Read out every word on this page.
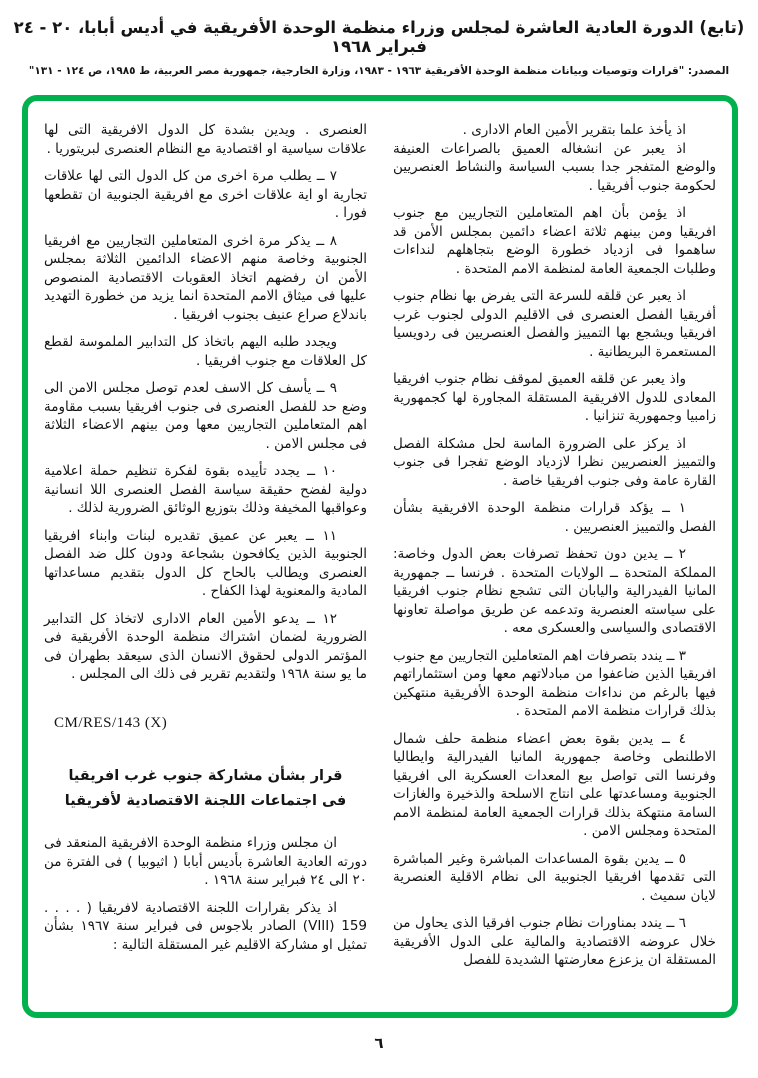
(تابع) الدورة العادية العاشرة لمجلس وزراء منظمة الوحدة الأفريقية في أديس أبابا، ٢٠ - ٢٤ فبراير ١٩٦٨
المصدر: "قرارات وتوصيات وبيانات منظمة الوحدة الأفريقية ١٩٦٣ - ١٩٨٣، وزارة الخارجية، جمهورية مصر العربية، ط ١٩٨٥، ص ١٢٤ - ١٣١"

اذ يأخذ علما بتقرير الأمين العام الادارى .

اذ يعبر عن انشغاله العميق بالصراعات العنيفة والوضع المتفجر جدا بسبب السياسة والنشاط العنصريين لحكومة جنوب أفريقيا .

اذ يؤمن بأن اهم المتعاملين التجاريين مع جنوب افريقيا ومن بينهم ثلاثة اعضاء دائمين بمجلس الأمن قد ساهموا فى ازدياد خطورة الوضع بتجاهلهم لنداءات وطلبات الجمعية العامة لمنظمة الامم المتحدة .

اذ يعبر عن قلقه للسرعة التى يفرض بها نظام جنوب أفريقيا الفصل العنصرى فى الاقليم الدولى لجنوب غرب افريقيا ويشجع بها التمييز والفصل العنصريين فى ردويسيا المستعمرة البريطانية .

واذ يعبر عن قلقه العميق لموقف نظام جنوب افريقيا المعادى للدول الافريقية المستقلة المجاورة لها كجمهورية زامبيا وجمهورية تنزانيا .

اذ يركز على الضرورة الماسة لحل مشكلة الفصل والتمييز العنصريين نظرا لازدياد الوضع تفجرا فى جنوب القارة عامة وفى جنوب افريقيا خاصة .

١ ــ يؤكد قرارات منظمة الوحدة الافريقية بشأن الفصل والتمييز العنصريين .

٢ ــ يدين دون تحفظ تصرفات بعض الدول وخاصة: المملكة المتحدة ــ الولايات المتحدة . فرنسا ــ جمهورية المانيا الفيدرالية واليابان التى تشجع نظام جنوب افريقيا على سياسته العنصرية وتدعمه عن طريق مواصلة تعاونها الاقتصادى والسياسى والعسكرى معه .

٣ ــ يندد بتصرفات اهم المتعاملين التجاريين مع جنوب افريقيا الذين ضاعفوا من مبادلاتهم معها ومن استثماراتهم فيها بالرغم من نداءات منظمة الوحدة الأفريقية منتهكين بذلك قرارات منظمة الامم المتحدة .

٤ ــ يدين بقوة بعض اعضاء منظمة حلف شمال الاطلنطى وخاصة جمهورية المانيا الفيدرالية وايطاليا وفرنسا التى تواصل بيع المعدات العسكرية الى افريقيا الجنوبية ومساعدتها على انتاج الاسلحة والذخيرة والغازات السامة منتهكة بذلك قرارات الجمعية العامة لمنظمة الامم المتحدة ومجلس الامن .

٥ ــ يدين بقوة المساعدات المباشرة وغير المباشرة التى تقدمها افريقيا الجنوبية الى نظام الاقلية العنصرية لايان سميث .

٦ ــ يندد بمناورات نظام جنوب افرقيا الذى يحاول من خلال عروضه الاقتصادية والمالية على الدول الأفريقية المستقلة ان يزعزع معارضتها الشديدة للفصل

العنصرى . ويدين بشدة كل الدول الافريقية التى لها علاقات سياسية او اقتصادية مع النظام العنصرى لبريتوريا .

٧ ــ يطلب مرة اخرى من كل الدول التى لها علاقات تجارية او اية علاقات اخرى مع افريقية الجنوبية ان تقطعها فورا .

٨ ــ يذكر مرة اخرى المتعاملين التجاريين مع افريقيا الجنوبية وخاصة منهم الاعضاء الدائمين الثلاثة بمجلس الأمن ان رفضهم اتخاذ العقوبات الاقتصادية المنصوص عليها فى ميثاق الامم المتحدة انما يزيد من خطورة التهديد باندلاع صراع عنيف بجنوب افريقيا .

ويجدد طلبه اليهم باتخاذ كل التدابير الملموسة لقطع كل العلاقات مع جنوب افريقيا .

٩ ــ يأسف كل الاسف لعدم توصل مجلس الامن الى وضع حد للفصل العنصرى فى جنوب افريقيا بسبب مقاومة اهم المتعاملين التجاريين معها ومن بينهم الاعضاء الثلاثة فى مجلس الامن .

١٠ ــ يجدد تأييده بقوة لفكرة تنظيم حملة اعلامية دولية لفضح حقيقة سياسة الفصل العنصرى اللا انسانية وعواقبها المخيفة وذلك بتوزيع الوثائق الضرورية لذلك .

١١ ــ يعبر عن عميق تقديره لبنات وابناء افريقيا الجنوبية الذين يكافحون بشجاعة ودون كلل ضد الفصل العنصرى ويطالب بالحاح كل الدول بتقديم مساعداتها المادية والمعنوية لهذا الكفاح .

١٢ ــ يدعو الأمين العام الادارى لاتخاذ كل التدابير الضرورية لضمان اشتراك منظمة الوحدة الأفريقية فى المؤتمر الدولى لحقوق الانسان الذى سيعقد بطهران فى ما يو سنة ١٩٦٨ ولتقديم تقرير فى ذلك الى المجلس .

CM/RES/143 (X)
قرار بشأن مشاركة جنوب غرب افريقيا
فى اجتماعات اللجنة الاقتصادية لأفريقيا

ان مجلس وزراء منظمة الوحدة الافريقية المنعقد فى دورته العادية العاشرة بأديس أبابا ( اثيوبيا ) فى الفترة من ٢٠ الى ٢٤ فبراير سنة ١٩٦٨ .

اذ يذكر بقرارات اللجنة الاقتصادية لافريقيا ( . . . . 159 (VIII) الصادر بلاجوس فى فبراير سنة ١٩٦٧ بشأن تمثيل او مشاركة الاقليم غير المستقلة التالية :

٦
